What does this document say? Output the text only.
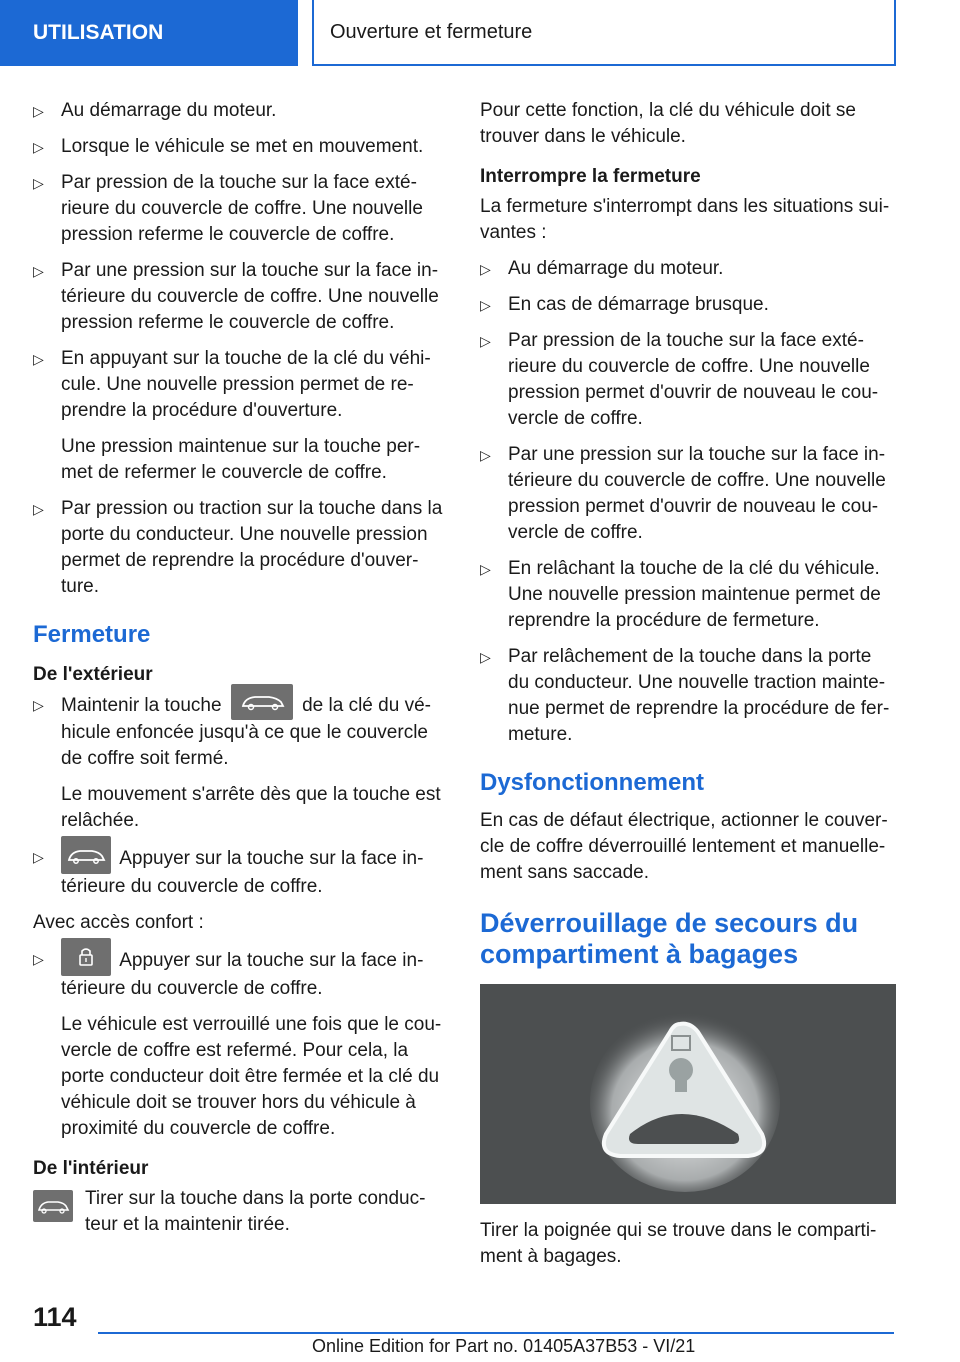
UTILISATION	Ouverture et fermeture
▷ Au démarrage du moteur.

▷ Lorsque le véhicule se met en mouvement.

▷ Par pression de la touche sur la face exté-rieure du couvercle de coffre. Une nouvelle pression referme le couvercle de coffre.

▷ Par une pression sur la touche sur la face in-térieure du couvercle de coffre. Une nouvelle pression referme le couvercle de coffre.

▷ En appuyant sur la touche de la clé du véhi-cule. Une nouvelle pression permet de re-prendre la procédure d'ouverture.

Une pression maintenue sur la touche per-met de refermer le couvercle de coffre.

▷ Par pression ou traction sur la touche dans la porte du conducteur. Une nouvelle pression permet de reprendre la procédure d'ouver-ture.

Fermeture
De l'extérieur
▷ Maintenir la touche	de la clé du vé-hicule enfoncée jusqu'à ce que le couvercle de coffre soit fermé.

Le mouvement s'arrête dès que la touche est relâchée.

▷	Appuyer sur la touche sur la face in-térieure du couvercle de coffre.

Avec accès confort :

▷	Appuyer sur la touche sur la face in-térieure du couvercle de coffre.

Le véhicule est verrouillé une fois que le cou-vercle de coffre est refermé. Pour cela, la porte conducteur doit être fermée et la clé du véhicule doit se trouver hors du véhicule à proximité du couvercle de coffre.

De l'intérieur

Tirer sur la touche dans la porte conduc-teur et la maintenir tirée.

Pour cette fonction, la clé du véhicule doit se trouver dans le véhicule.

Interrompre la fermeture

La fermeture s'interrompt dans les situations sui-vantes :

▷ Au démarrage du moteur.

▷ En cas de démarrage brusque.

▷ Par pression de la touche sur la face exté-rieure du couvercle de coffre. Une nouvelle pression permet d'ouvrir de nouveau le cou-vercle de coffre.

▷ Par une pression sur la touche sur la face in-térieure du couvercle de coffre. Une nouvelle pression permet d'ouvrir de nouveau le cou-vercle de coffre.

▷ En relâchant la touche de la clé du véhicule. Une nouvelle pression maintenue permet de reprendre la procédure de fermeture.

▷ Par relâchement de la touche dans la porte du conducteur. Une nouvelle traction mainte-nue permet de reprendre la procédure de fer-meture.

Dysfonctionnement

En cas de défaut électrique, actionner le couver-cle de coffre déverrouillé lentement et manuelle-ment sans saccade.

Déverrouillage de secours du compartiment à bagages

Tirer la poignée qui se trouve dans le comparti-ment à bagages.

114
Online Edition for Part no. 01405A37B53 - VI/21
